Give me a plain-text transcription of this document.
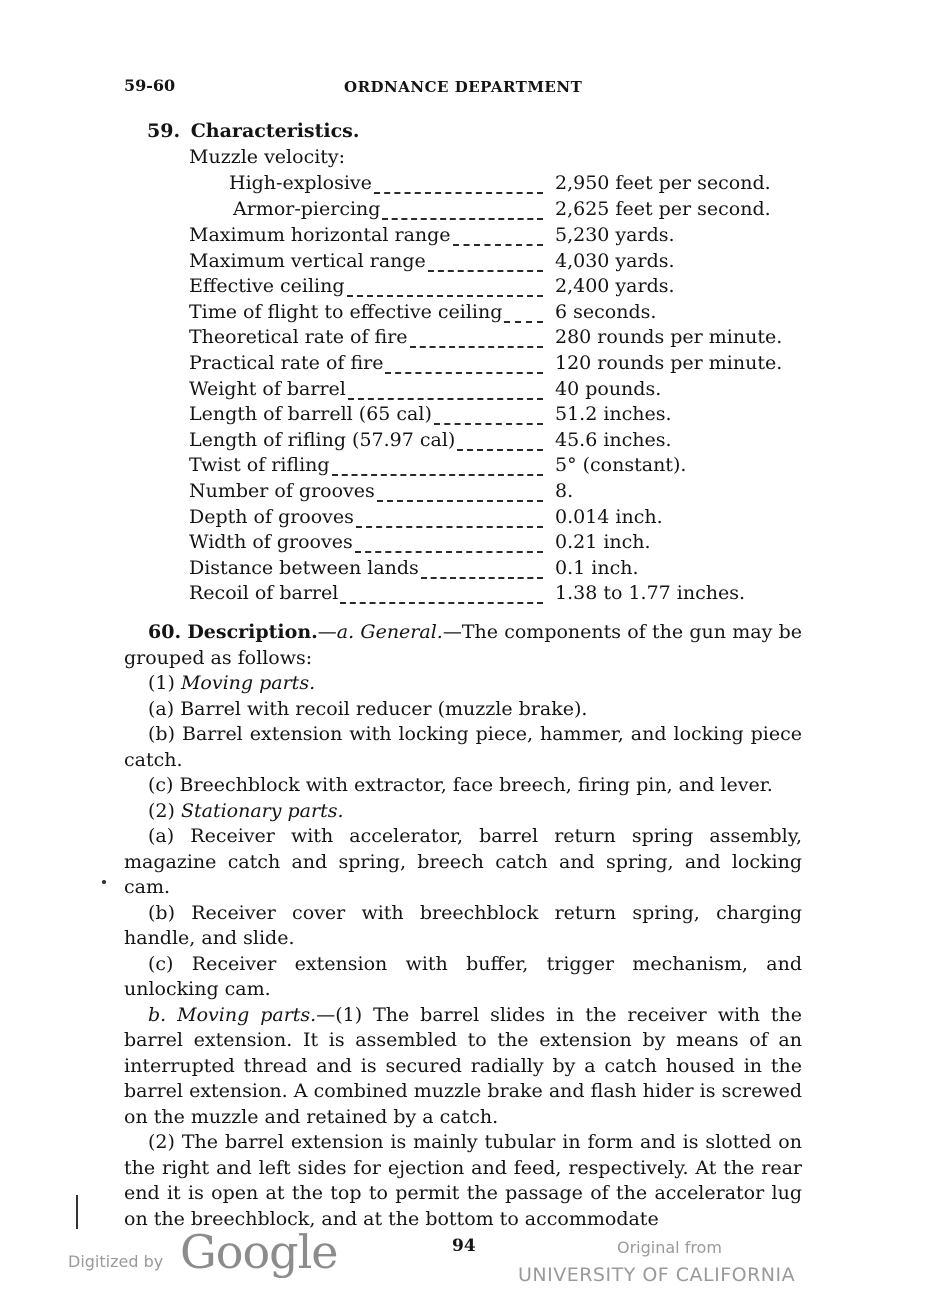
59-60	ORDNANCE DEPARTMENT
59. Characteristics.
Muzzle velocity:
High-explosive	2,950 feet per second.
Armor-piercing	2,625 feet per second.
Maximum horizontal range	5,230 yards.
Maximum vertical range	4,030 yards.
Effective ceiling	2,400 yards.
Time of flight to effective ceiling	6 seconds.
Theoretical rate of fire	280 rounds per minute.
Practical rate of fire	120 rounds per minute.
Weight of barrel	40 pounds.
Length of barrell (65 cal)	51.2 inches.
Length of rifling (57.97 cal)	45.6 inches.
Twist of rifling	5° (constant).
Number of grooves	8.
Depth of grooves	0.014 inch.
Width of grooves	0.21 inch.
Distance between lands	0.1 inch.
Recoil of barrel	1.38 to 1.77 inches.

60. Description.—a. General.—The components of the gun may be grouped as follows:

(1) Moving parts.

(a) Barrel with recoil reducer (muzzle brake).

(b) Barrel extension with locking piece, hammer, and locking piece catch.

(c) Breechblock with extractor, face breech, firing pin, and lever.

(2) Stationary parts.

(a) Receiver with accelerator, barrel return spring assembly, magazine catch and spring, breech catch and spring, and locking cam.

(b) Receiver cover with breechblock return spring, charging handle, and slide.

(c) Receiver extension with buffer, trigger mechanism, and unlocking cam.

b. Moving parts.—(1) The barrel slides in the receiver with the barrel extension. It is assembled to the extension by means of an interrupted thread and is secured radially by a catch housed in the barrel extension. A combined muzzle brake and flash hider is screwed on the muzzle and retained by a catch.

(2) The barrel extension is mainly tubular in form and is slotted on the right and left sides for ejection and feed, respectively. At the rear end it is open at the top to permit the passage of the accelerator lug on the breechblock, and at the bottom to accommodate

94
Digitized by Google	Original from
UNIVERSITY OF CALIFORNIA
